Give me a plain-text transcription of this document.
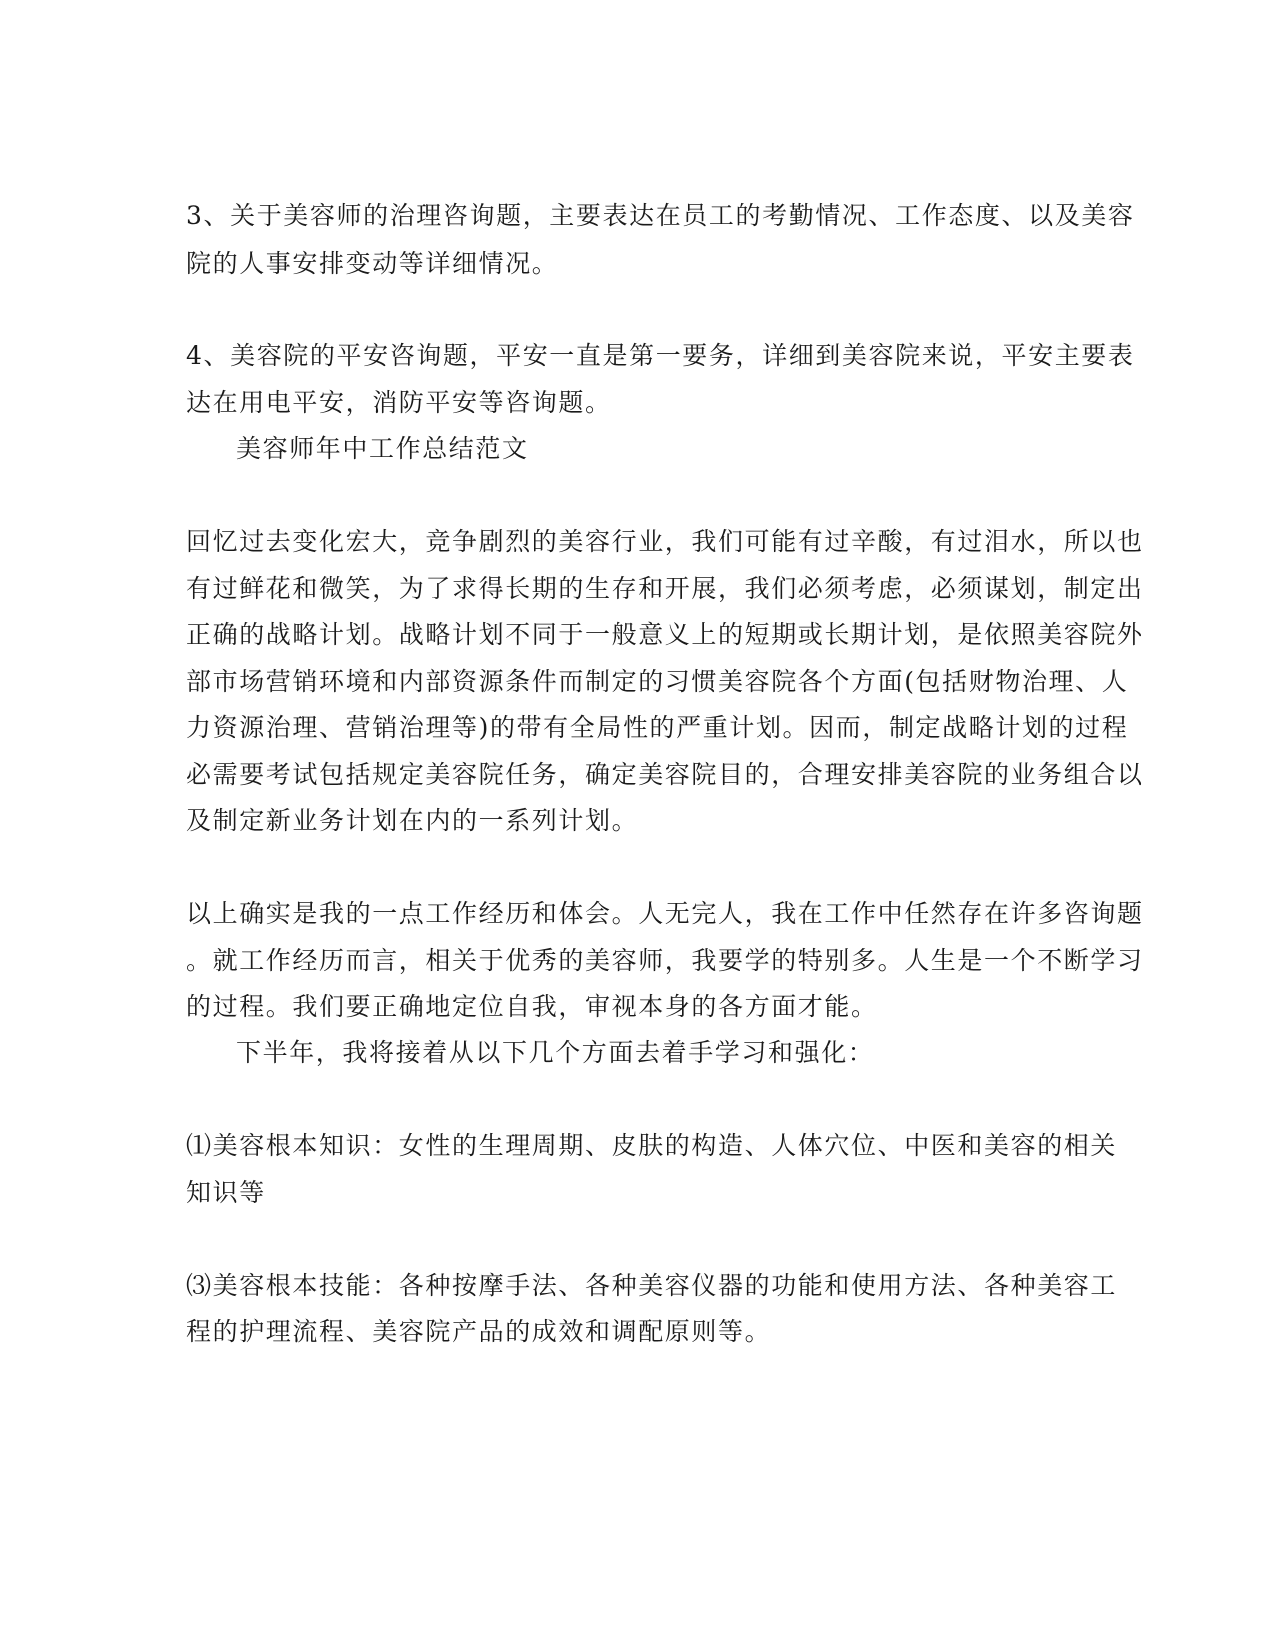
3、关于美容师的治理咨询题，主要表达在员工的考勤情况、工作态度、以及美容
院的人事安排变动等详细情况。
4、美容院的平安咨询题，平安一直是第一要务，详细到美容院来说，平安主要表
达在用电平安，消防平安等咨询题。
美容师年中工作总结范文
回忆过去变化宏大，竞争剧烈的美容行业，我们可能有过辛酸，有过泪水，所以也
有过鲜花和微笑，为了求得长期的生存和开展，我们必须考虑，必须谋划，制定出
正确的战略计划。战略计划不同于一般意义上的短期或长期计划，是依照美容院外
部市场营销环境和内部资源条件而制定的习惯美容院各个方面(包括财物治理、人
力资源治理、营销治理等)的带有全局性的严重计划。因而，制定战略计划的过程
必需要考试包括规定美容院任务，确定美容院目的，合理安排美容院的业务组合以
及制定新业务计划在内的一系列计划。
以上确实是我的一点工作经历和体会。人无完人，我在工作中任然存在许多咨询题
。就工作经历而言，相关于优秀的美容师，我要学的特别多。人生是一个不断学习
的过程。我们要正确地定位自我，审视本身的各方面才能。
下半年，我将接着从以下几个方面去着手学习和强化：
⑴美容根本知识：女性的生理周期、皮肤的构造、人体穴位、中医和美容的相关
知识等
⑶美容根本技能：各种按摩手法、各种美容仪器的功能和使用方法、各种美容工
程的护理流程、美容院产品的成效和调配原则等。
